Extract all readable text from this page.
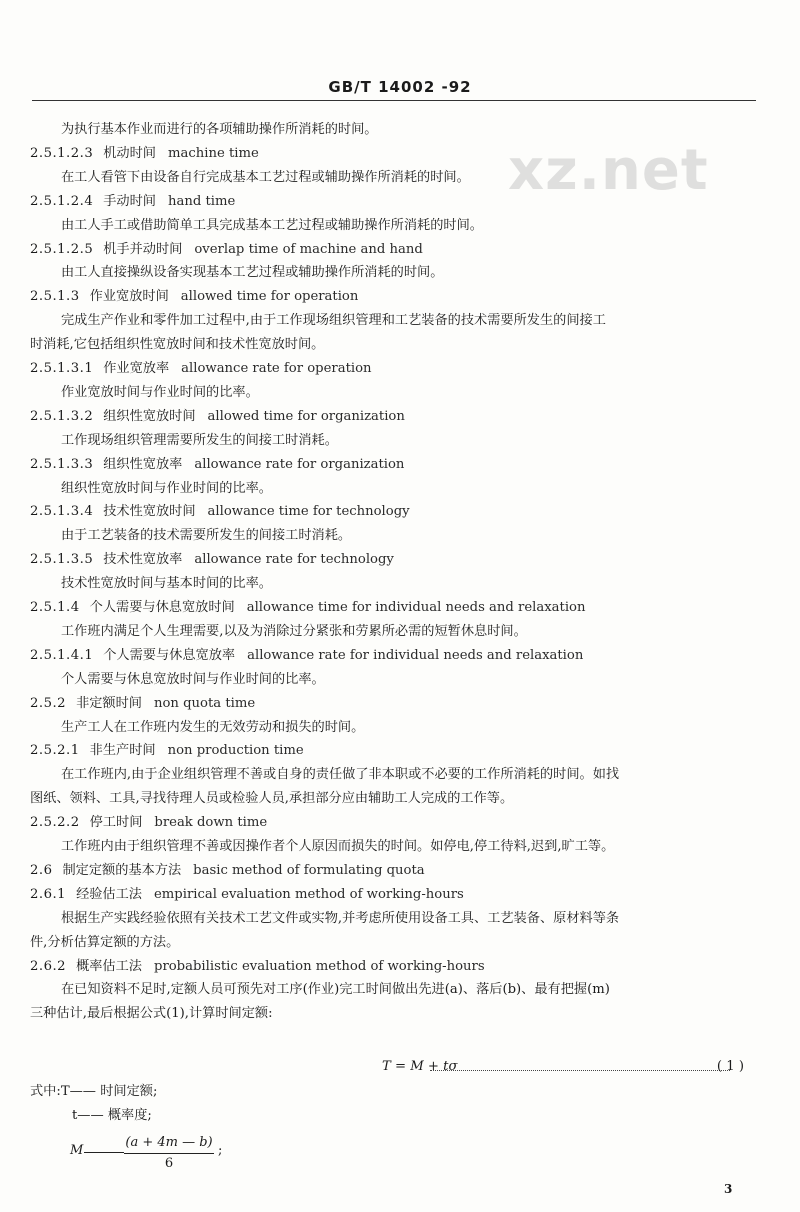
GB/T 14002 -92
xz.net
为执行基本作业而进行的各项辅助操作所消耗的时间。
2.5.1.2.3 机动时间 machine time
在工人看管下由设备自行完成基本工艺过程或辅助操作所消耗的时间。
2.5.1.2.4 手动时间 hand time
由工人手工或借助简单工具完成基本工艺过程或辅助操作所消耗的时间。
2.5.1.2.5 机手并动时间 overlap time of machine and hand
由工人直接操纵设备实现基本工艺过程或辅助操作所消耗的时间。
2.5.1.3 作业宽放时间 allowed time for operation
完成生产作业和零件加工过程中,由于工作现场组织管理和工艺装备的技术需要所发生的间接工
时消耗,它包括组织性宽放时间和技术性宽放时间。
2.5.1.3.1 作业宽放率 allowance rate for operation
作业宽放时间与作业时间的比率。
2.5.1.3.2 组织性宽放时间 allowed time for organization
工作现场组织管理需要所发生的间接工时消耗。
2.5.1.3.3 组织性宽放率 allowance rate for organization
组织性宽放时间与作业时间的比率。
2.5.1.3.4 技术性宽放时间 allowance time for technology
由于工艺装备的技术需要所发生的间接工时消耗。
2.5.1.3.5 技术性宽放率 allowance rate for technology
技术性宽放时间与基本时间的比率。
2.5.1.4 个人需要与休息宽放时间 allowance time for individual needs and relaxation
工作班内满足个人生理需要,以及为消除过分紧张和劳累所必需的短暂休息时间。
2.5.1.4.1 个人需要与休息宽放率 allowance rate for individual needs and relaxation
个人需要与休息宽放时间与作业时间的比率。
2.5.2 非定额时间 non quota time
生产工人在工作班内发生的无效劳动和损失的时间。
2.5.2.1 非生产时间 non production time
在工作班内,由于企业组织管理不善或自身的责任做了非本职或不必要的工作所消耗的时间。如找
图纸、领料、工具,寻找待理人员或检验人员,承担部分应由辅助工人完成的工作等。
2.5.2.2 停工时间 break down time
工作班内由于组织管理不善或因操作者个人原因而损失的时间。如停电,停工待料,迟到,旷工等。
2.6 制定定额的基本方法 basic method of formulating quota
2.6.1 经验估工法 empirical evaluation method of working-hours
根据生产实践经验依照有关技术工艺文件或实物,并考虑所使用设备工具、工艺装备、原材料等条
件,分析估算定额的方法。
2.6.2 概率估工法 probabilistic evaluation method of working-hours
在已知资料不足时,定额人员可预先对工序(作业)完工时间做出先进(a)、落后(b)、最有把握(m)
三种估计,最后根据公式(1),计算时间定额:
T = M + tσ	( 1 )
式中:T—— 时间定额;
t—— 概率度;
M
(a + 4m — b)
6
;
3
